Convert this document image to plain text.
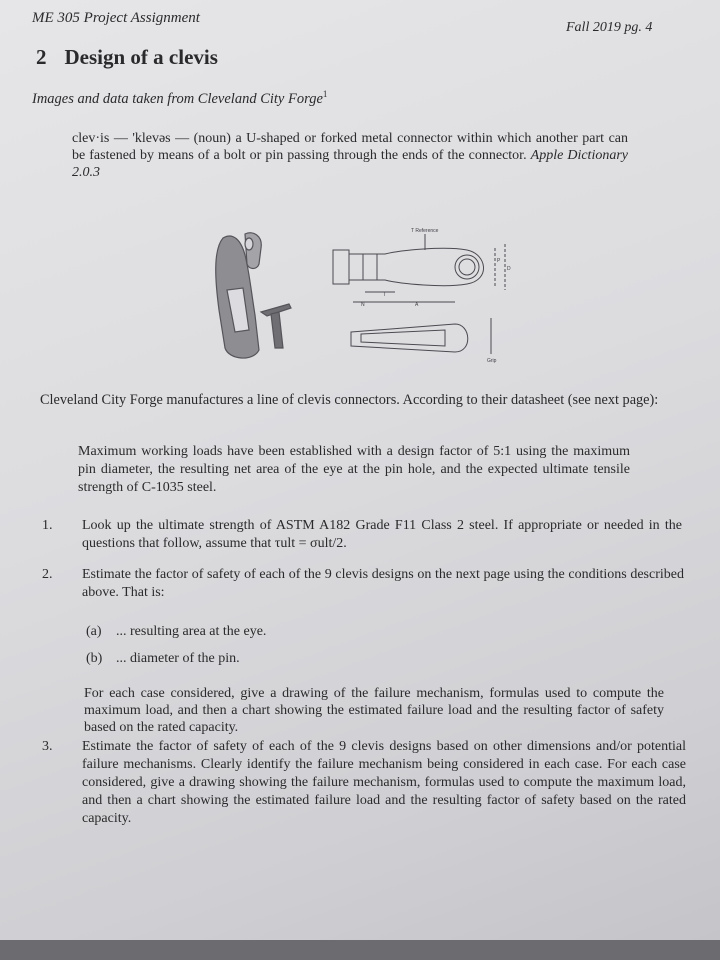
ME 305 Project Assignment
Fall 2019 pg. 4
2 Design of a clevis
Images and data taken from Cleveland City Forge$^1$
clev·is — 'klevəs — (noun) a U-shaped or forked metal connector within which another part can be fastened by means of a bolt or pin passing through the ends of the connector. Apple Dictionary 2.0.3
T Reference
T
N	A
P
D
Grip
Cleveland City Forge manufactures a line of clevis connectors. According to their datasheet (see next page):
Maximum working loads have been established with a design factor of 5:1 using the maximum pin diameter, the resulting net area of the eye at the pin hole, and the expected ultimate tensile strength of C-1035 steel.
1. Look up the ultimate strength of ASTM A182 Grade F11 Class 2 steel. If appropriate or needed in the questions that follow, assume that τult = σult/2.
2. Estimate the factor of safety of each of the 9 clevis designs on the next page using the conditions described above. That is:
(a) ... resulting area at the eye.
(b) ... diameter of the pin.
For each case considered, give a drawing of the failure mechanism, formulas used to compute the maximum load, and then a chart showing the estimated failure load and the resulting factor of safety based on the rated capacity.
3. Estimate the factor of safety of each of the 9 clevis designs based on other dimensions and/or potential failure mechanisms. Clearly identify the failure mechanism being considered in each case. For each case considered, give a drawing showing the failure mechanism, formulas used to compute the maximum load, and then a chart showing the estimated failure load and the resulting factor of safety based on the rated capacity.
